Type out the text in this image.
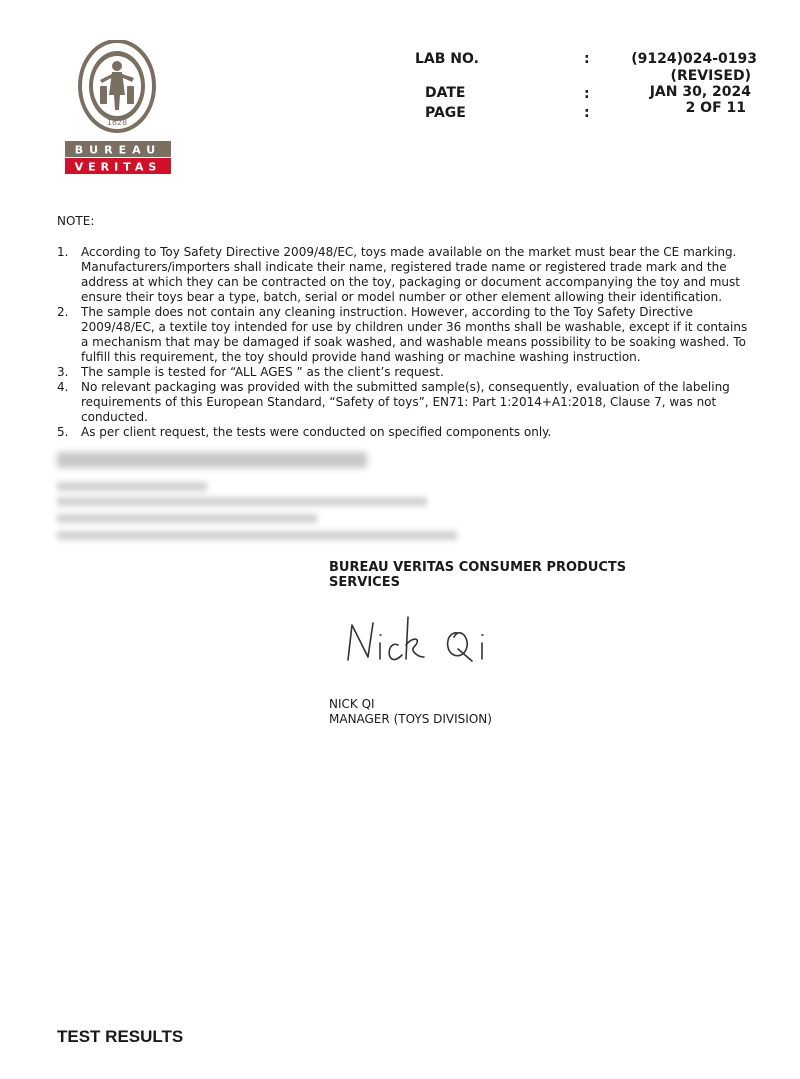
1828
BUREAU
VERITAS
LAB NO.	:	(9124)024-0193
(REVISED)
DATE	:	JAN 30, 2024
PAGE	:	2 OF 11
NOTE:
1. According to Toy Safety Directive 2009/48/EC, toys made available on the market must bear the CE marking. Manufacturers/importers shall indicate their name, registered trade name or registered trade mark and the address at which they can be contracted on the toy, packaging or document accompanying the toy and must ensure their toys bear a type, batch, serial or model number or other element allowing their identification.
2. The sample does not contain any cleaning instruction. However, according to the Toy Safety Directive 2009/48/EC, a textile toy intended for use by children under 36 months shall be washable, except if it contains a mechanism that may be damaged if soak washed, and washable means possibility to be soaking washed. To fulfill this requirement, the toy should provide hand washing or machine washing instruction.
3. The sample is tested for “ALL AGES ” as the client’s request.
4. No relevant packaging was provided with the submitted sample(s), consequently, evaluation of the labeling requirements of this European Standard, “Safety of toys”, EN71: Part 1:2014+A1:2018, Clause 7, was not conducted.
5. As per client request, the tests were conducted on specified components only.
BUREAU VERITAS CONSUMER PRODUCTS SERVICES
NICK QI
MANAGER (TOYS DIVISION)
TEST RESULTS
